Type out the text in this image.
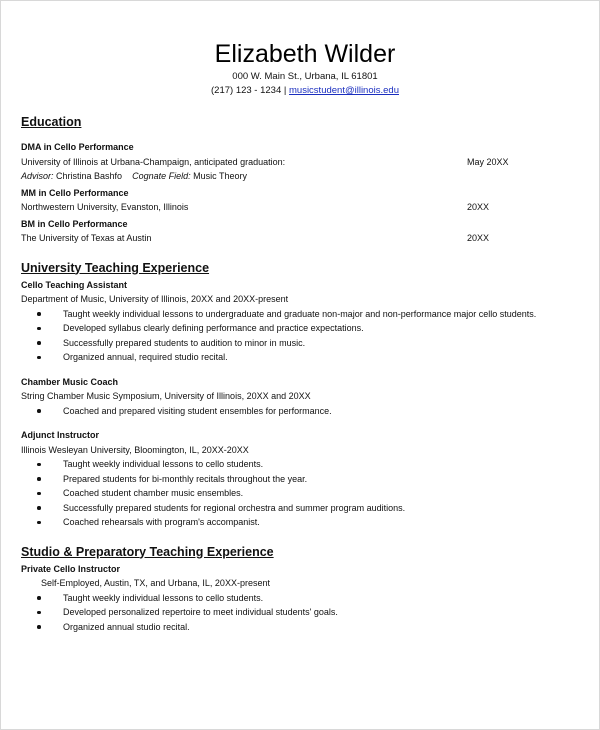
Elizabeth Wilder
000 W. Main St., Urbana, IL 61801
(217) 123 - 1234 | musicstudent@illinois.edu
Education
DMA in Cello Performance
University of Illinois at Urbana-Champaign, anticipated graduation:	May 20XX
Advisor: Christina Bashfo Cognate Field: Music Theory
MM in Cello Performance
Northwestern University, Evanston, Illinois	20XX
BM in Cello Performance
The University of Texas at Austin	20XX
University Teaching Experience
Cello Teaching Assistant
Department of Music, University of Illinois, 20XX and 20XX-present
Taught weekly individual lessons to undergraduate and graduate non-major and non-performance major cello students.
Developed syllabus clearly defining performance and practice expectations.
Successfully prepared students to audition to minor in music.
Organized annual, required studio recital.
Chamber Music Coach
String Chamber Music Symposium, University of Illinois, 20XX and 20XX
Coached and prepared visiting student ensembles for performance.
Adjunct Instructor
Illinois Wesleyan University, Bloomington, IL, 20XX-20XX
Taught weekly individual lessons to cello students.
Prepared students for bi-monthly recitals throughout the year.
Coached student chamber music ensembles.
Successfully prepared students for regional orchestra and summer program auditions.
Coached rehearsals with program's accompanist.
Studio & Preparatory Teaching Experience
Private Cello Instructor
Self-Employed, Austin, TX, and Urbana, IL, 20XX-present
Taught weekly individual lessons to cello students.
Developed personalized repertoire to meet individual students' goals.
Organized annual studio recital.
